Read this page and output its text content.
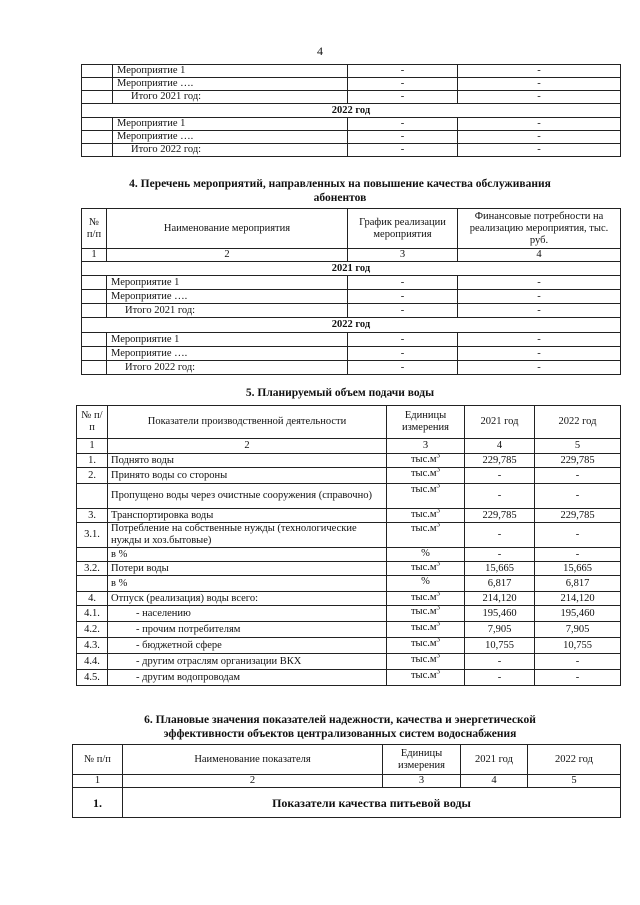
4
	Мероприятие 1	-	-
	Мероприятие ….	-	-
	Итого 2021 год:	-	-
2022 год			
	Мероприятие 1	-	-
	Мероприятие ….	-	-
	Итого 2022 год:	-	-
4. Перечень мероприятий, направленных на повышение качества обслуживания
абонентов
№ п/п	Наименование мероприятия	График реализации мероприятия	Финансовые потребности на реализацию мероприятия, тыс. руб.
1	2	3	4
2021 год			
	Мероприятие 1	-	-
	Мероприятие ….	-	-
	Итого 2021 год:	-	-
2022 год			
	Мероприятие 1	-	-
	Мероприятие ….	-	-
	Итого 2022 год:	-	-
5. Планируемый объем подачи воды
№ п/п	Показатели производственной деятельности	Единицы измерения	2021 год	2022 год
1	2	3	4	5
1.	Поднято воды	$тыс.м^3$	229,785	229,785
2.	Принято воды со стороны	$тыс.м^3$	-	-
	Пропущено воды через очистные сооружения (справочно)	$тыс.м^3$	-	-
3.	Транспортировка воды	$тыс.м^3$	229,785	229,785
3.1.	Потребление на собственные нужды (технологические нужды и хоз.бытовые)	$тыс.м^3$	-	-
	в %	%	-	-
3.2.	Потери воды	$тыс.м^3$	15,665	15,665
	в %	%	6,817	6,817
4.	Отпуск (реализация) воды всего:	$тыс.м^3$	214,120	214,120
4.1.	- населению	$тыс.м^3$	195,460	195,460
4.2.	- прочим потребителям	$тыс.м^3$	7,905	7,905
4.3.	- бюджетной сфере	$тыс.м^3$	10,755	10,755
4.4.	- другим отраслям организации ВКХ	$тыс.м^3$	-	-
4.5.	- другим водопроводам	$тыс.м^3$	-	-
6. Плановые значения показателей надежности, качества и энергетической
эффективности объектов централизованных систем водоснабжения
№ п/п	Наименование показателя	Единицы измерения	2021 год	2022 год
1	2	3	4	5
1.	Показатели качества питьевой воды			
